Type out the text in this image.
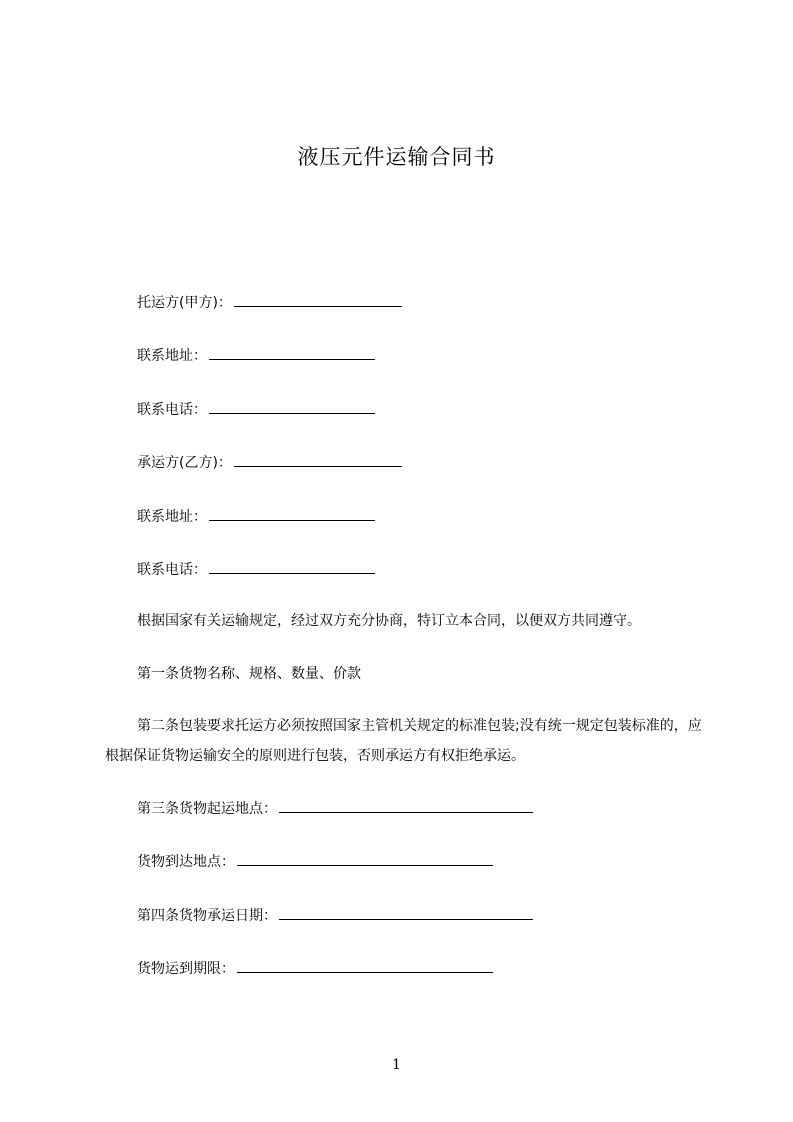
液压元件运输合同书
托运方(甲方)：
联系地址：
联系电话：
承运方(乙方)：
联系地址：
联系电话：
根据国家有关运输规定，经过双方充分协商，特订立本合同，以便双方共同遵守。
第一条货物名称、规格、数量、价款
第二条包装要求托运方必须按照国家主管机关规定的标准包装;没有统一规定包装标准的，应根据保证货物运输安全的原则进行包装，否则承运方有权拒绝承运。
第三条货物起运地点：
货物到达地点：
第四条货物承运日期：
货物运到期限：
1
